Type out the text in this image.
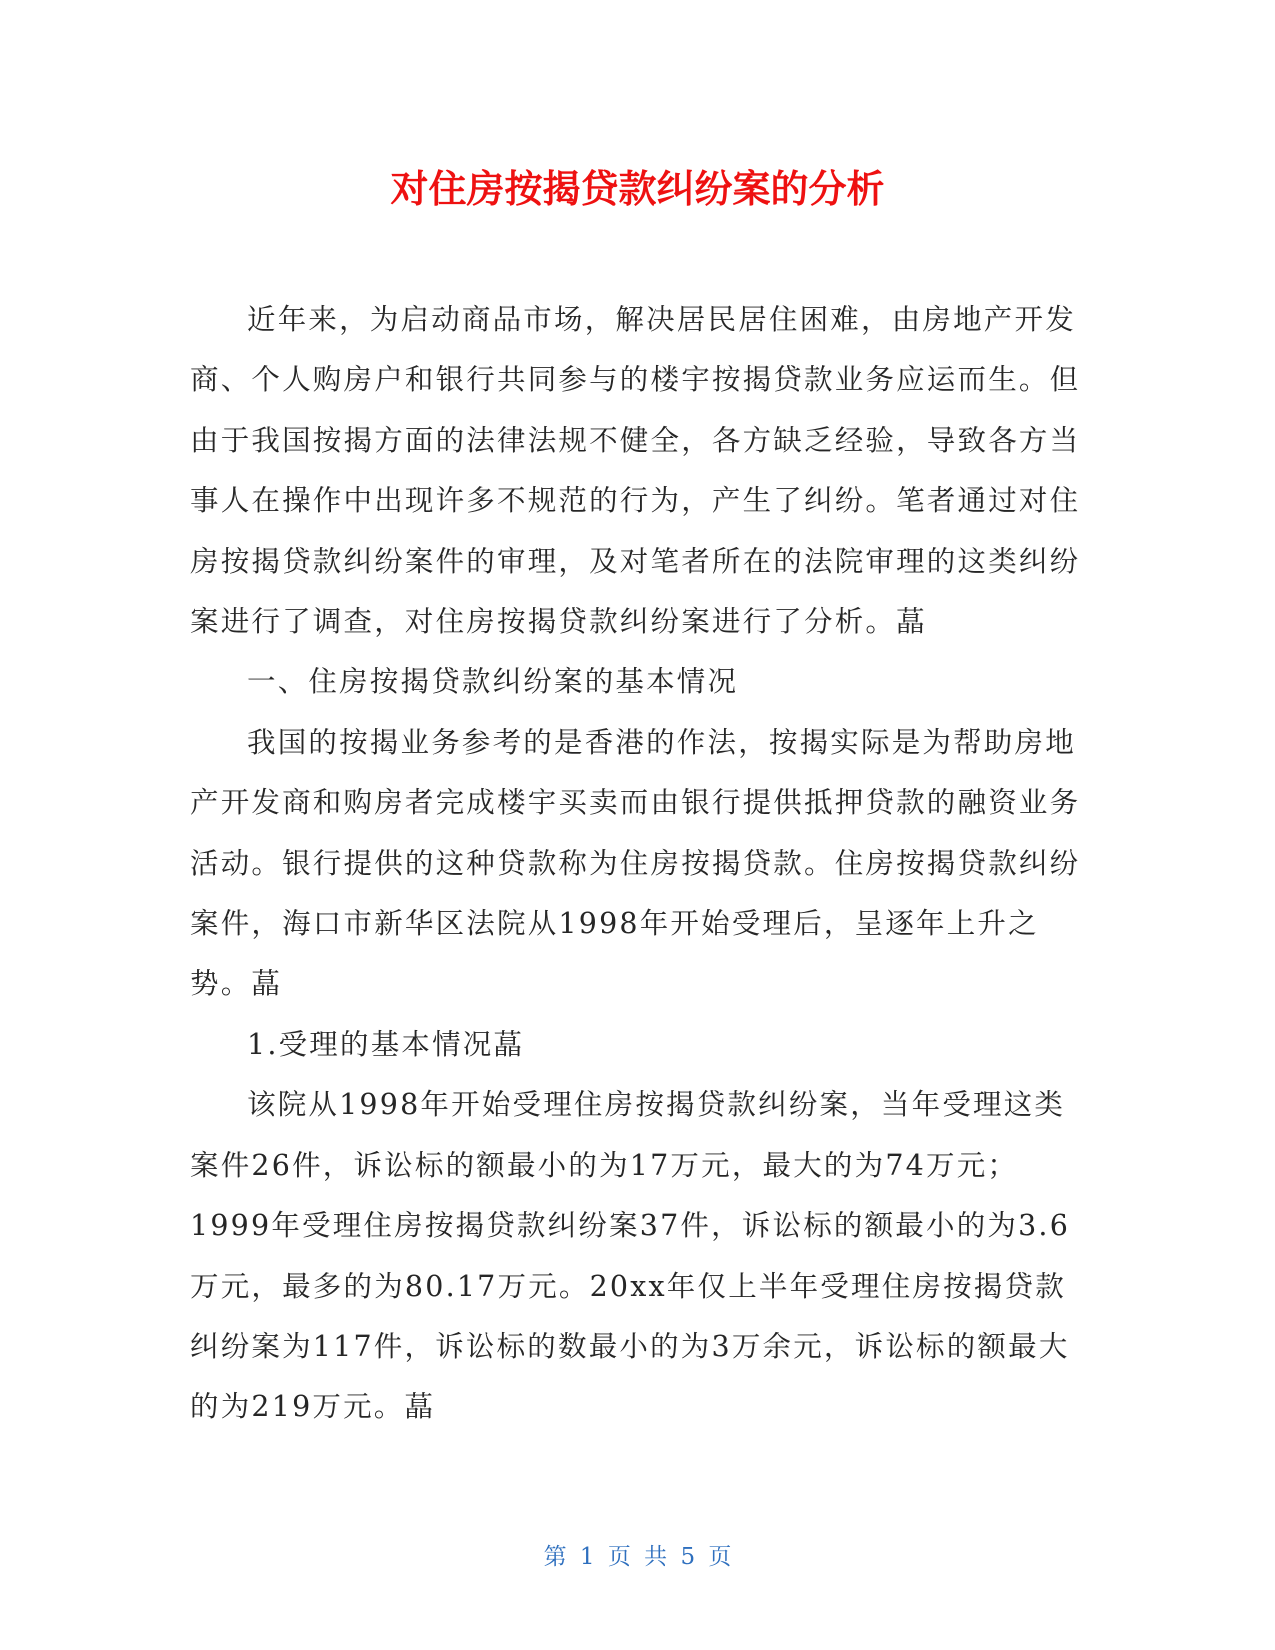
对住房按揭贷款纠纷案的分析

近年来，为启动商品市场，解决居民居住困难，由房地产开发商、个人购房户和银行共同参与的楼宇按揭贷款业务应运而生。但由于我国按揭方面的法律法规不健全，各方缺乏经验，导致各方当事人在操作中出现许多不规范的行为，产生了纠纷。笔者通过对住房按揭贷款纠纷案件的审理，及对笔者所在的法院审理的这类纠纷案进行了调查，对住房按揭贷款纠纷案进行了分析。蕌

一、住房按揭贷款纠纷案的基本情况

我国的按揭业务参考的是香港的作法，按揭实际是为帮助房地产开发商和购房者完成楼宇买卖而由银行提供抵押贷款的融资业务活动。银行提供的这种贷款称为住房按揭贷款。住房按揭贷款纠纷案件，海口市新华区法院从1998年开始受理后，呈逐年上升之势。蕌

1.受理的基本情况蕌

该院从1998年开始受理住房按揭贷款纠纷案，当年受理这类案件26件，诉讼标的额最小的为17万元，最大的为74万元；1999年受理住房按揭贷款纠纷案37件，诉讼标的额最小的为3.6万元，最多的为80.17万元。20xx年仅上半年受理住房按揭贷款纠纷案为117件，诉讼标的数最小的为3万余元，诉讼标的额最大的为219万元。蕌

第 1 页 共 5 页
